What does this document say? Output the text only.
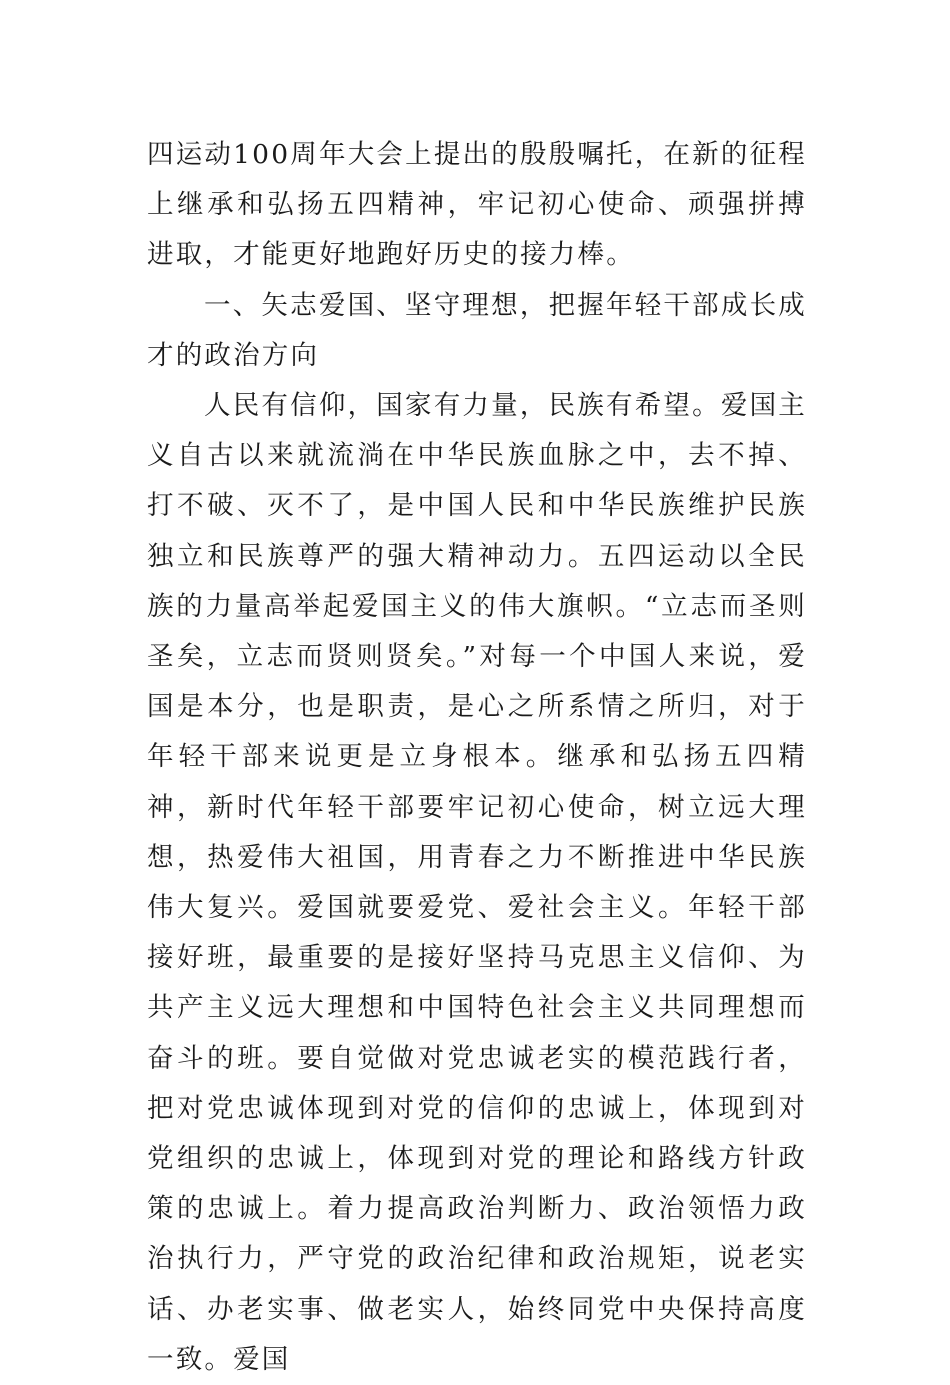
四运动100周年大会上提出的殷殷嘱托，在新的征程上继承和弘扬五四精神，牢记初心使命、顽强拼搏进取，才能更好地跑好历史的接力棒。

一、矢志爱国、坚守理想，把握年轻干部成长成才的政治方向

人民有信仰，国家有力量，民族有希望。爱国主义自古以来就流淌在中华民族血脉之中，去不掉、打不破、灭不了，是中国人民和中华民族维护民族独立和民族尊严的强大精神动力。五四运动以全民族的力量高举起爱国主义的伟大旗帜。“立志而圣则圣矣，立志而贤则贤矣。”对每一个中国人来说，爱国是本分，也是职责，是心之所系情之所归，对于年轻干部来说更是立身根本。继承和弘扬五四精神，新时代年轻干部要牢记初心使命，树立远大理想，热爱伟大祖国，用青春之力不断推进中华民族伟大复兴。爱国就要爱党、爱社会主义。年轻干部接好班，最重要的是接好坚持马克思主义信仰、为共产主义远大理想和中国特色社会主义共同理想而奋斗的班。要自觉做对党忠诚老实的模范践行者，把对党忠诚体现到对党的信仰的忠诚上，体现到对党组织的忠诚上，体现到对党的理论和路线方针政策的忠诚上。着力提高政治判断力、政治领悟力政治执行力，严守党的政治纪律和政治规矩，说老实话、办老实事、做老实人，始终同党中央保持高度一致。爱国
